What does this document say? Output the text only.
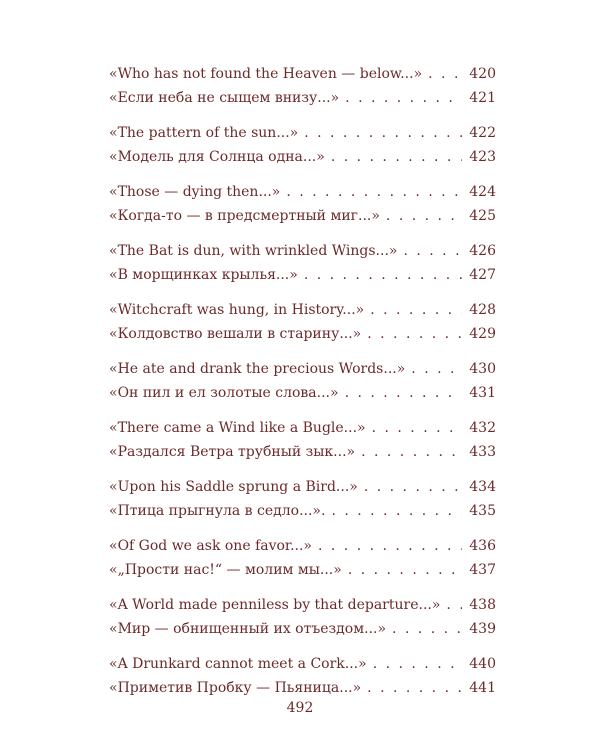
«Who has not found the Heaven — below...» . . .	420
«Если неба не сыщем внизу...» . . .	421
«The pattern of the sun...» . . .	422
«Модель для Солнца одна...» . . .	423
«Those — dying then...» . . .	424
«Когда-то — в предсмертный миг...» . . .	425
«The Bat is dun, with wrinkled Wings...» . . .	426
«В морщинках крылья...» . . .	427
«Witchcraft was hung, in History...» . . .	428
«Колдовство вешали в старину...» . . .	429
«He ate and drank the precious Words...» . . .	430
«Он пил и ел золотые слова...» . . .	431
«There came a Wind like a Bugle...» . . .	432
«Раздался Ветра трубный зык...» . . .	433
«Upon his Saddle sprung a Bird...» . . .	434
«Птица прыгнула в седло...». . . .	435
«Of God we ask one favor...» . . .	436
«„Прости нас!“ — молим мы...» . . .	437
«A World made penniless by that departure...» . . . 438
«Мир — обнищенный их отъездом...» . . .	439
«A Drunkard cannot meet a Cork...» . . .	440
«Приметив Пробку — Пьяница...» . . .	441
492
